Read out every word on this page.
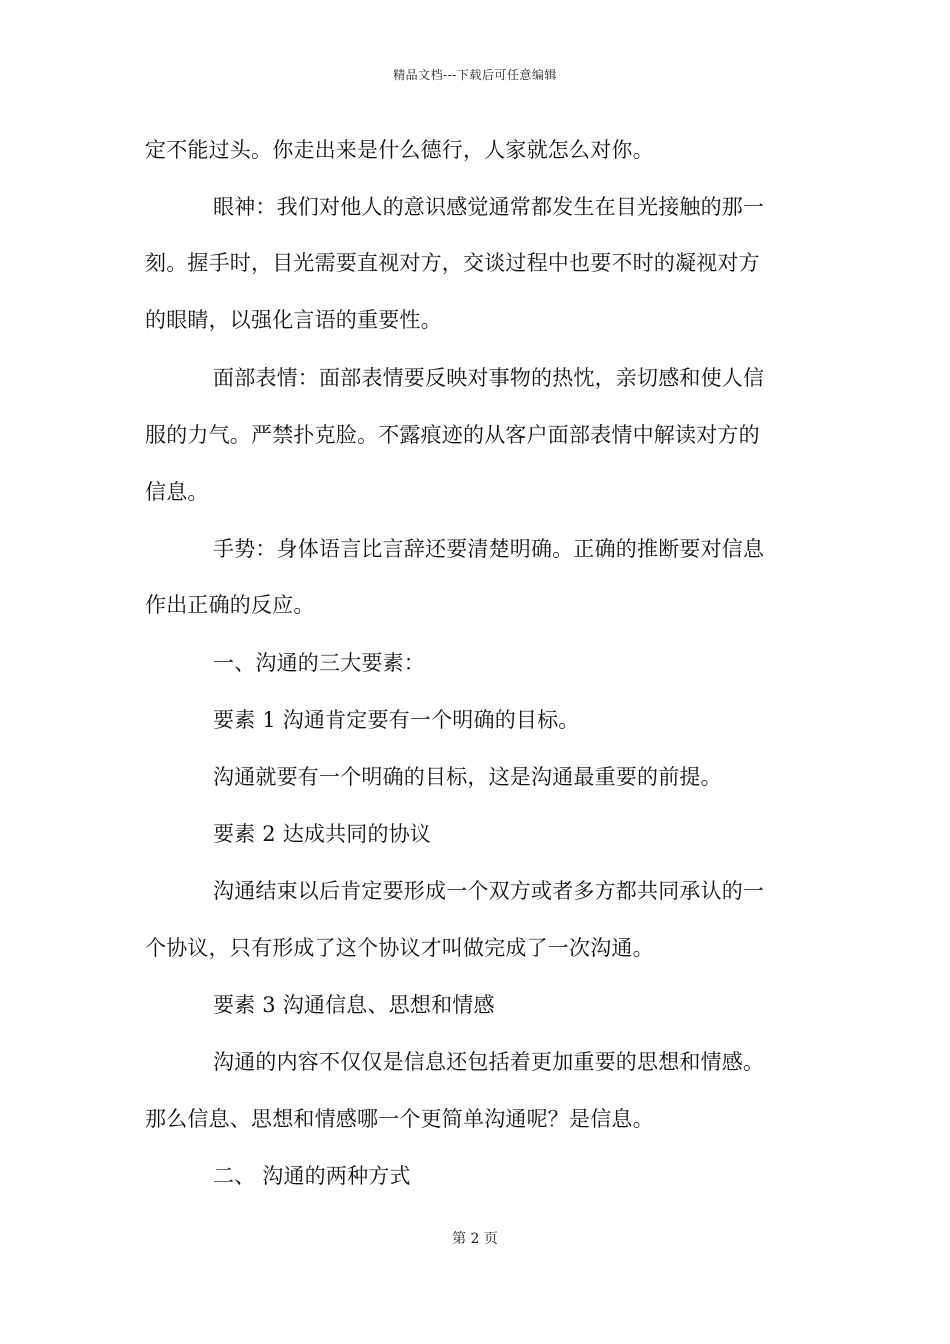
精品文档---下载后可任意编辑
定不能过头。你走出来是什么德行，人家就怎么对你。
眼神：我们对他人的意识感觉通常都发生在目光接触的那一
刻。握手时，目光需要直视对方，交谈过程中也要不时的凝视对方
的眼睛，以强化言语的重要性。
面部表情：面部表情要反映对事物的热忱，亲切感和使人信
服的力气。严禁扑克脸。不露痕迹的从客户面部表情中解读对方的
信息。
手势：身体语言比言辞还要清楚明确。正确的推断要对信息
作出正确的反应。
一、沟通的三大要素：
要素 1 沟通肯定要有一个明确的目标。
沟通就要有一个明确的目标，这是沟通最重要的前提。
要素 2 达成共同的协议
沟通结束以后肯定要形成一个双方或者多方都共同承认的一
个协议，只有形成了这个协议才叫做完成了一次沟通。
要素 3 沟通信息、思想和情感
沟通的内容不仅仅是信息还包括着更加重要的思想和情感。
那么信息、思想和情感哪一个更简单沟通呢？是信息。
二、 沟通的两种方式
第 2 页
